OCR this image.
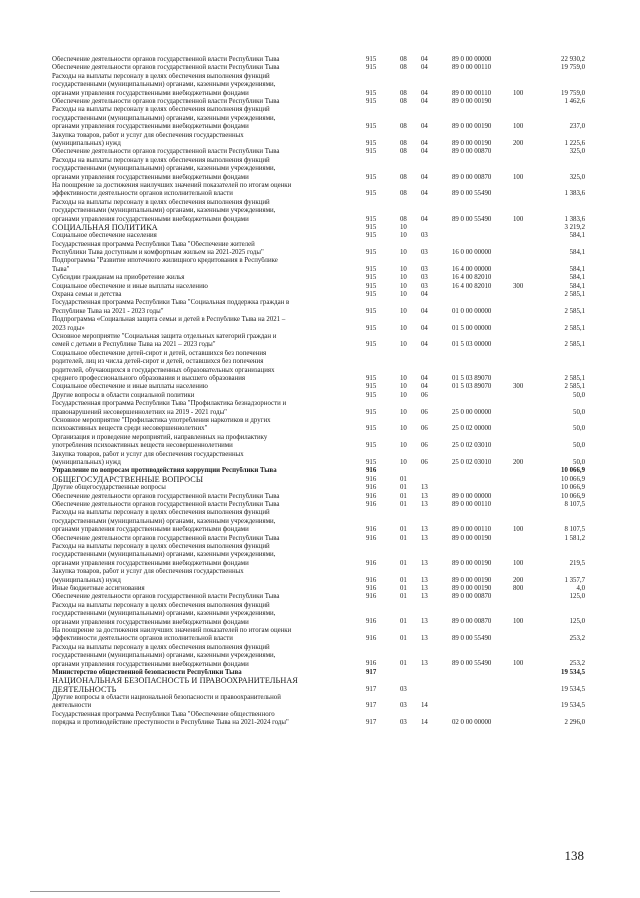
Обеспечение деятельности органов государственной власти Республики Тыва	915	08 04	89 0 00 00000	22 930,2
Обеспечение деятельности органов государственной власти Республики Тыва	915	08 04	89 0 00 00110	19 759,0
Расходы на выплаты персоналу в целях обеспечения выполнения функций
государственными (муниципальными) органами, казенными учреждениями,
органами управления государственными внебюджетными фондами	915	08 04	89 0 00 00110	100	19 759,0
Обеспечение деятельности органов государственной власти Республики Тыва	915	08 04	89 0 00 00190	1 462,6
Расходы на выплаты персоналу в целях обеспечения выполнения функций
государственными (муниципальными) органами, казенными учреждениями,
органами управления государственными внебюджетными фондами	915	08 04	89 0 00 00190	100	237,0
Закупка товаров, работ и услуг для обеспечения государственных
(муниципальных) нужд	915	08 04	89 0 00 00190	200	1 225,6
Обеспечение деятельности органов государственной власти Республики Тыва	915	08 04	89 0 00 00870	325,0
Расходы на выплаты персоналу в целях обеспечения выполнения функций
государственными (муниципальными) органами, казенными учреждениями,
органами управления государственными внебюджетными фондами	915	08 04	89 0 00 00870	100	325,0
На поощрение за достижения наилучших значений показателей по итогам оценки
эффективности деятельности органов исполнительной власти	915	08 04	89 0 00 55490	1 383,6
Расходы на выплаты персоналу в целях обеспечения выполнения функций
государственными (муниципальными) органами, казенными учреждениями,
органами управления государственными внебюджетными фондами	915	08 04	89 0 00 55490	100	1 383,6
СОЦИАЛЬНАЯ ПОЛИТИКА	915	10	3 219,2
Социальное обеспечение населения	915	10 03	584,1
Государственная программа Республики Тыва "Обеспечение жителей
Республики Тыва доступным и комфортным жильем на 2021-2025 годы"	915	10 03	16 0 00 00000	584,1
Подпрограмма "Развитие ипотечного жилищного кредитования в Республике
Тыва"	915	10 03	16 4 00 00000	584,1
Субсидии гражданам на приобретение жилья	915	10 03	16 4 00 82010	584,1
Социальное обеспечение и иные выплаты населению	915	10 03	16 4 00 82010	300	584,1
Охрана семьи и детства	915	10 04	2 585,1
Государственная программа Республики Тыва "Социальная поддержка граждан в
Республике Тыва на 2021 - 2023 годы"	915	10 04	01 0 00 00000	2 585,1
Подпрограмма «Социальная защита семьи и детей в Республике Тыва на 2021 –
2023 годы»	915	10 04	01 5 00 00000	2 585,1
Основное мероприятие "Социальная защита отдельных категорий граждан и
семей с детьми в Республике Тыва на 2021 – 2023 годы"	915	10 04	01 5 03 00000	2 585,1
Социальное обеспечение детей-сирот и детей, оставшихся без попечения
родителей, лиц из числа детей-сирот и детей, оставшихся без попечения
родителей, обучающихся в государственных образовательных организациях
среднего профессионального образования и высшего образования	915	10 04	01 5 03 89070	2 585,1
Социальное обеспечение и иные выплаты населению	915	10 04	01 5 03 89070	300	2 585,1
Другие вопросы в области социальной политики	915	10 06	50,0
Государственная программа Республики Тыва "Профилактика безнадзорности и
правонарушений несовершеннолетних на 2019 - 2021 годы"	915	10 06	25 0 00 00000	50,0
Основное мероприятие "Профилактика употребления наркотиков и других
психоактивных веществ среди несовершеннолетних"	915	10 06	25 0 02 00000	50,0
Организация и проведение мероприятий, направленных на профилактику
употребления психоактивных веществ несовершеннолетними	915	10 06	25 0 02 03010	50,0
Закупка товаров, работ и услуг для обеспечения государственных
(муниципальных) нужд	915	10 06	25 0 02 03010	200	50,0
Управление по вопросам противодействия коррупции Республики Тыва	916	10 066,9
ОБЩЕГОСУДАРСТВЕННЫЕ ВОПРОСЫ	916	01	10 066,9
Другие общегосударственные вопросы	916	01 13	10 066,9
Обеспечение деятельности органов государственной власти Республики Тыва	916	01 13	89 0 00 00000	10 066,9
Обеспечение деятельности органов государственной власти Республики Тыва	916	01 13	89 0 00 00110	8 107,5
Расходы на выплаты персоналу в целях обеспечения выполнения функций
государственными (муниципальными) органами, казенными учреждениями,
органами управления государственными внебюджетными фондами	916	01 13	89 0 00 00110	100	8 107,5
Обеспечение деятельности органов государственной власти Республики Тыва	916	01 13	89 0 00 00190	1 581,2
Расходы на выплаты персоналу в целях обеспечения выполнения функций
государственными (муниципальными) органами, казенными учреждениями,
органами управления государственными внебюджетными фондами	916	01 13	89 0 00 00190	100	219,5
Закупка товаров, работ и услуг для обеспечения государственных
(муниципальных) нужд	916	01 13	89 0 00 00190	200	1 357,7
Иные бюджетные ассигнования	916	01 13	89 0 00 00190	800	4,0
Обеспечение деятельности органов государственной власти Республики Тыва	916	01 13	89 0 00 00870	125,0
Расходы на выплаты персоналу в целях обеспечения выполнения функций
государственными (муниципальными) органами, казенными учреждениями,
органами управления государственными внебюджетными фондами	916	01 13	89 0 00 00870	100	125,0
На поощрение за достижения наилучших значений показателей по итогам оценки
эффективности деятельности органов исполнительной власти	916	01 13	89 0 00 55490	253,2
Расходы на выплаты персоналу в целях обеспечения выполнения функций
государственными (муниципальными) органами, казенными учреждениями,
органами управления государственными внебюджетными фондами	916	01 13	89 0 00 55490	100	253,2
Министерство общественной безопасности Республики Тыва	917	19 534,5
НАЦИОНАЛЬНАЯ БЕЗОПАСНОСТЬ И ПРАВООХРАНИТЕЛЬНАЯ
ДЕЯТЕЛЬНОСТЬ	917	03	19 534,5
Другие вопросы в области национальной безопасности и правоохранительной
деятельности	917	03 14	19 534,5
Государственная программа Республики Тыва "Обеспечение общественного
порядка и противодействие преступности в Республике Тыва на 2021-2024 годы"	917	03 14	02 0 00 00000	2 296,0
138
